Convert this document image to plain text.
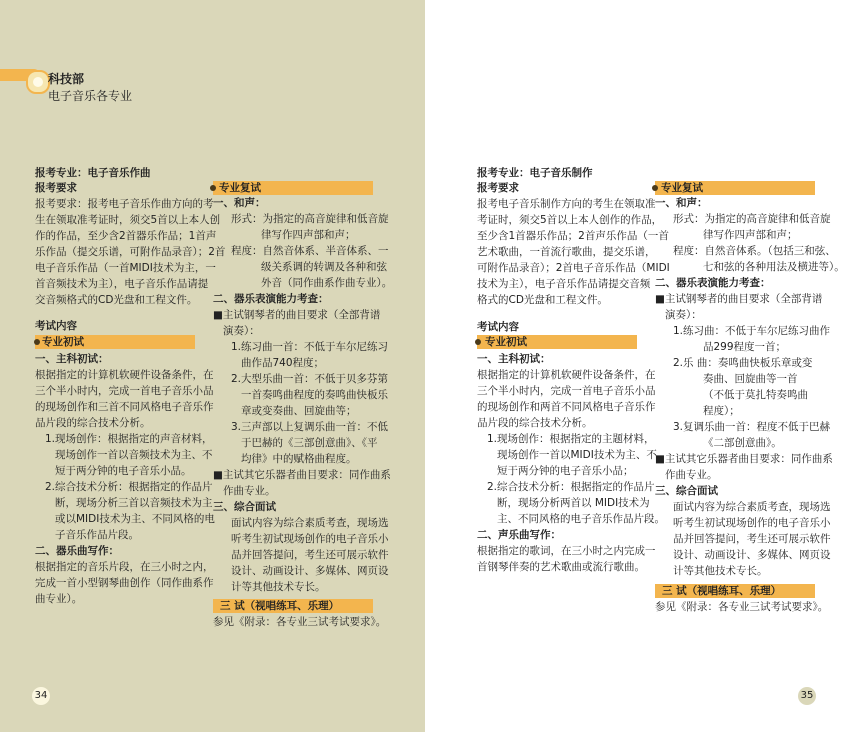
科技部
电子音乐各专业
报考专业：电子音乐作曲
报考要求
报考要求：报考电子音乐作曲方向的考
生在领取准考证时，须交5首以上本人创
作的作品，至少含2首器乐作品；1首声
乐作品（提交乐谱，可附作品录音）；2首
电子音乐作品（一首MIDI技术为主，一
首音频技术为主），电子音乐作品请提
交音频格式的CD光盘和工程文件。
考试内容
专业初试
一、主科初试：
根据指定的计算机软硬件设备条件，在
三个半小时内，完成一首电子音乐小品
的现场创作和三首不同风格电子音乐作
品片段的综合技术分析。
1.现场创作：根据指定的声音材料，
现场创作一首以音频技术为主、不
短于两分钟的电子音乐小品。
2.综合技术分析：根据指定的作品片
断，现场分析三首以音频技术为主
或以MIDI技术为主、不同风格的电
子音乐作品片段。
二、器乐曲写作：
根据指定的音乐片段，在三小时之内，
完成一首小型钢琴曲创作（同作曲系作
曲专业）。
专业复试
一、和声：
形式：为指定的高音旋律和低音旋
律写作四声部和声；
程度：自然音体系、半音体系、一
级关系调的转调及各种和弦
外音（同作曲系作曲专业）。
二、器乐表演能力考查：
■主试钢琴者的曲目要求（全部背谱
演奏）：
1.练习曲一首：不低于车尔尼练习
曲作品740程度；
2.大型乐曲一首：不低于贝多芬第
一首奏鸣曲程度的奏鸣曲快板乐
章或变奏曲、回旋曲等；
3.三声部以上复调乐曲一首：不低
于巴赫的《三部创意曲》、《平
均律》中的赋格曲程度。
■主试其它乐器者曲目要求：同作曲系
作曲专业。
三、综合面试
面试内容为综合素质考查，现场选
听考生初试现场创作的电子音乐小
品并回答提问，考生还可展示软件
设计、动画设计、多媒体、网页设
计等其他技术专长。
三 试（视唱练耳、乐理）
参见《附录：各专业三试考试要求》。
34
报考专业：电子音乐制作
报考要求
报考电子音乐制作方向的考生在领取准
考证时，须交5首以上本人创作的作品，
至少含1首器乐作品；2首声乐作品（一首
艺术歌曲，一首流行歌曲，提交乐谱，
可附作品录音）；2首电子音乐作品（MIDI
技术为主），电子音乐作品请提交音频
格式的CD光盘和工程文件。
考试内容
专业初试
一、主科初试：
根据指定的计算机软硬件设备条件，在
三个半小时内，完成一首电子音乐小品
的现场创作和两首不同风格电子音乐作
品片段的综合技术分析。
1.现场创作：根据指定的主题材料，
现场创作一首以MIDI技术为主、不
短于两分钟的电子音乐小品；
2.综合技术分析：根据指定的作品片
断，现场分析两首以 MIDI技术为
主、不同风格的电子音乐作品片段。
二、声乐曲写作：
根据指定的歌词，在三小时之内完成一
首钢琴伴奏的艺术歌曲或流行歌曲。
专业复试
一、和声：
形式：为指定的高音旋律和低音旋
律写作四声部和声；
程度：自然音体系。（包括三和弦、
七和弦的各种用法及横进等）。
二、器乐表演能力考查：
■主试钢琴者的曲目要求（全部背谱
演奏）：
1.练习曲：不低于车尔尼练习曲作
品299程度一首；
2.乐 曲：奏鸣曲快板乐章或变
奏曲、回旋曲等一首
（不低于莫扎特奏鸣曲
程度）；
3.复调乐曲一首：程度不低于巴赫
《二部创意曲》。
■主试其它乐器者曲目要求：同作曲系
作曲专业。
三、综合面试
面试内容为综合素质考查，现场选
听考生初试现场创作的电子音乐小
品并回答提问，考生还可展示软件
设计、动画设计、多媒体、网页设
计等其他技术专长。
三 试（视唱练耳、乐理）
参见《附录：各专业三试考试要求》。
35
